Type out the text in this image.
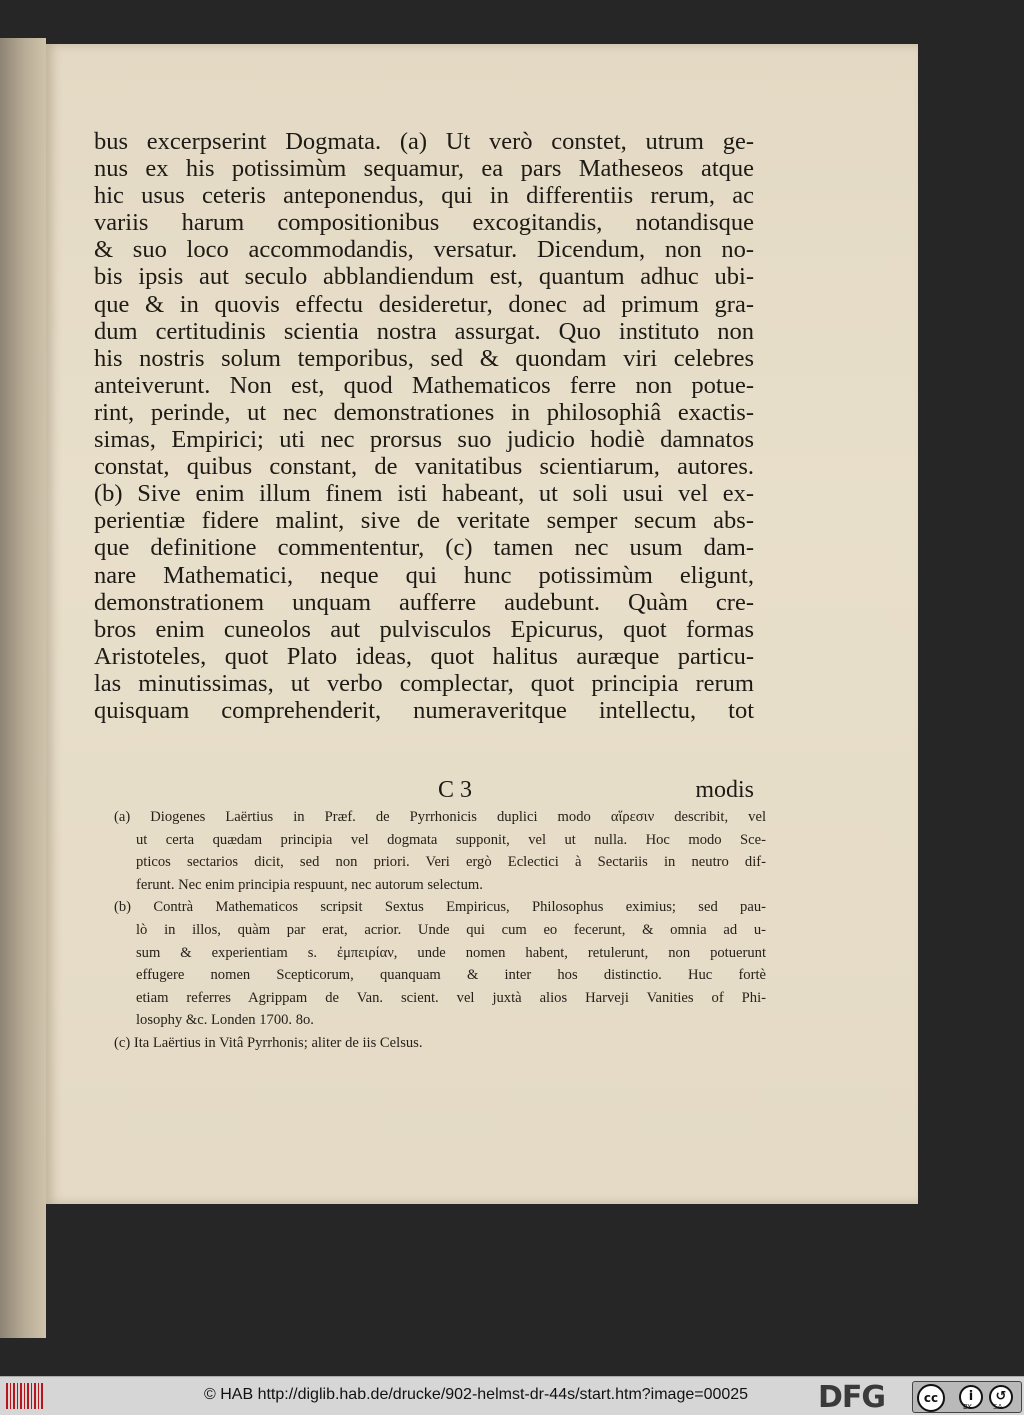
bus excerpserint Dogmata. (a) Ut verò constet, utrum ge-
nus ex his potissimùm sequamur, ea pars Matheseos atque
hic usus ceteris anteponendus, qui in differentiis rerum, ac
variis harum compositionibus excogitandis, notandisque
& suo loco accommodandis, versatur. Dicendum, non no-
bis ipsis aut seculo abblandiendum est, quantum adhuc ubi-
que & in quovis effectu desideretur, donec ad primum gra-
dum certitudinis scientia nostra assurgat. Quo instituto non
his nostris solum temporibus, sed & quondam viri celebres
anteiverunt. Non est, quod Mathematicos ferre non potue-
rint, perinde, ut nec demonstrationes in philosophiâ exactis-
simas, Empirici; uti nec prorsus suo judicio hodiè damnatos
constat, quibus constant, de vanitatibus scientiarum, autores.
(b) Sive enim illum finem isti habeant, ut soli usui vel ex-
perientiæ fidere malint, sive de veritate semper secum abs-
que definitione commententur, (c) tamen nec usum dam-
nare Mathematici, neque qui hunc potissimùm eligunt,
demonstrationem unquam aufferre audebunt. Quàm cre-
bros enim cuneolos aut pulvisculos Epicurus, quot formas
Aristoteles, quot Plato ideas, quot halitus auræque particu-
las minutissimas, ut verbo complectar, quot principia rerum
quisquam comprehenderit, numeraveritque intellectu, tot
C 3	modis
(a) Diogenes Laërtius in Præf. de Pyrrhonicis duplici modo αἵρεσιν describit, vel
ut certa quædam principia vel dogmata supponit, vel ut nulla. Hoc modo Sce-
pticos sectarios dicit, sed non priori. Veri ergò Eclectici à Sectariis in neutro dif-
ferunt. Nec enim principia respuunt, nec autorum selectum.
(b) Contrà Mathematicos scripsit Sextus Empiricus, Philosophus eximius; sed pau-
lò in illos, quàm par erat, acrior. Unde qui cum eo fecerunt, & omnia ad u-
sum & experientiam s. ἐμπειρίαν, unde nomen habent, retulerunt, non potuerunt
effugere nomen Scepticorum, quanquam & inter hos distinctio. Huc fortè
etiam referres Agrippam de Van. scient. vel juxtà alios Harveji Vanities of Phi-
losophy &c. Londen 1700. 8o.
(c) Ita Laërtius in Vitâ Pyrrhonis; aliter de iis Celsus.
© HAB http://diglib.hab.de/drucke/902-helmst-dr-44s/start.htm?image=00025 DFG	cc	i	↺
BY	SA
